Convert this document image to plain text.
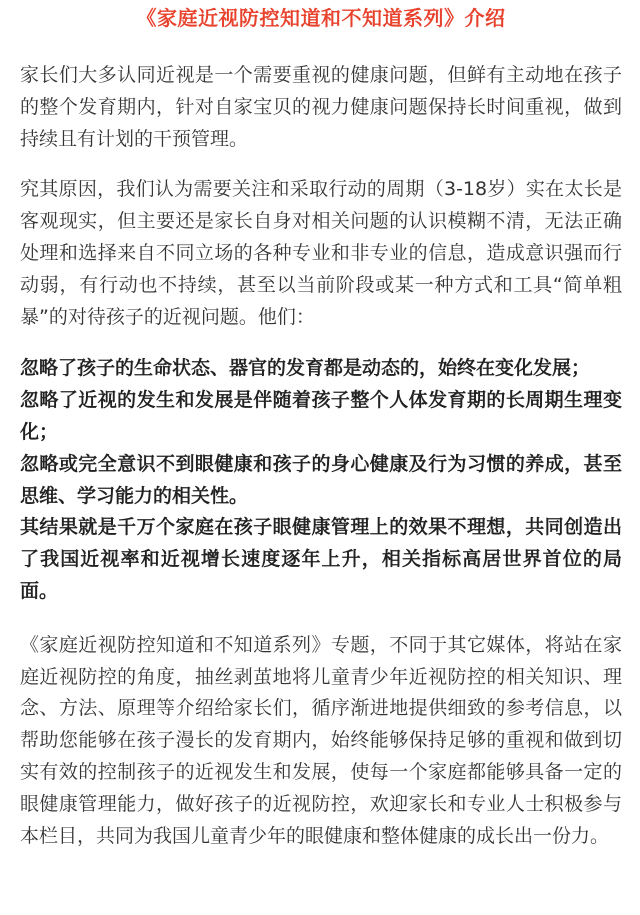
《家庭近视防控知道和不知道系列》介绍

家长们大多认同近视是一个需要重视的健康问题，但鲜有主动地在孩子的整个发育期内，针对自家宝贝的视力健康问题保持长时间重视，做到持续且有计划的干预管理。

究其原因，我们认为需要关注和采取行动的周期（3-18岁）实在太长是客观现实，但主要还是家长自身对相关问题的认识模糊不清，无法正确处理和选择来自不同立场的各种专业和非专业的信息，造成意识强而行动弱，有行动也不持续，甚至以当前阶段或某一种方式和工具“简单粗暴”的对待孩子的近视问题。他们：

忽略了孩子的生命状态、器官的发育都是动态的，始终在变化发展；

忽略了近视的发生和发展是伴随着孩子整个人体发育期的长周期生理变化；

忽略或完全意识不到眼健康和孩子的身心健康及行为习惯的养成，甚至思维、学习能力的相关性。

其结果就是千万个家庭在孩子眼健康管理上的效果不理想，共同创造出了我国近视率和近视增长速度逐年上升，相关指标高居世界首位的局面。

《家庭近视防控知道和不知道系列》专题，不同于其它媒体，将站在家庭近视防控的角度，抽丝剥茧地将儿童青少年近视防控的相关知识、理念、方法、原理等介绍给家长们，循序渐进地提供细致的参考信息，以帮助您能够在孩子漫长的发育期内，始终能够保持足够的重视和做到切实有效的控制孩子的近视发生和发展，使每一个家庭都能够具备一定的眼健康管理能力，做好孩子的近视防控，欢迎家长和专业人士积极参与本栏目，共同为我国儿童青少年的眼健康和整体健康的成长出一份力。
